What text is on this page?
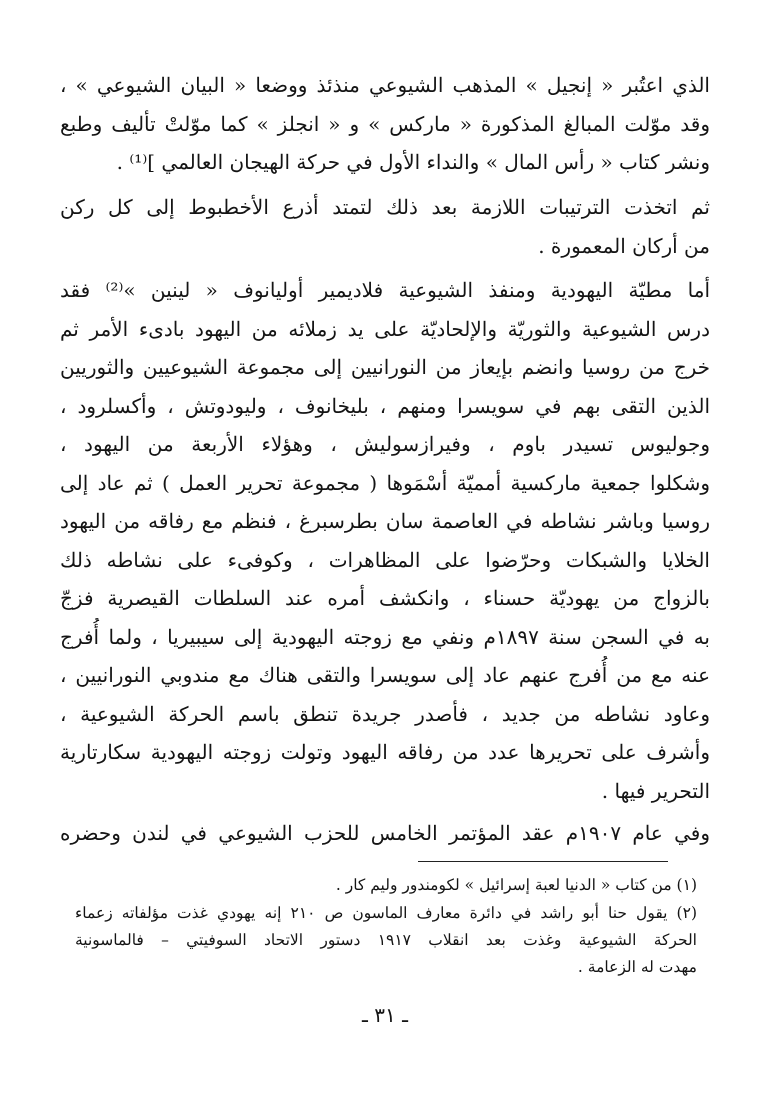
الذي اعتُبر « إنجيل » المذهب الشيوعي منذئذ ووضعا « البيان الشيوعي » ،
وقد موّلت المبالغ المذكورة « ماركس » و « انجلز » كما موّلتْ تأليف وطبع
ونشر كتاب « رأس المال » والنداء الأول في حركة الهيجان العالمي ]⁽¹⁾ .
ثم اتخذت الترتيبات اللازمة بعد ذلك لتمتد أذرع الأخطبوط إلى كل ركن
من أركان المعمورة .
أما مطيّة اليهودية ومنفذ الشيوعية فلاديمير أوليانوف « لينين »⁽²⁾ فقد
درس الشيوعية والثوريّة والإلحاديّة على يد زملائه من اليهود بادىء الأمر ثم
خرج من روسيا وانضم بإيعاز من النورانيين إلى مجموعة الشيوعيين والثوريين
الذين التقى بهم في سويسرا ومنهم ، بليخانوف ، وليودوتش ، وأكسلرود ،
وجوليوس تسيدر باوم ، وفيرازسوليش ، وهؤلاء الأربعة من اليهود ،
وشكلوا جمعية ماركسية أمميّة أسْمَوها ( مجموعة تحرير العمل ) ثم عاد إلى
روسيا وباشر نشاطه في العاصمة سان بطرسبرغ ، فنظم مع رفاقه من اليهود
الخلايا والشبكات وحرّضوا على المظاهرات ، وكوفىء على نشاطه ذلك
بالزواج من يهوديّة حسناء ، وانكشف أمره عند السلطات القيصرية فزجّ
به في السجن سنة ١٨٩٧م ونفي مع زوجته اليهودية إلى سيبيريا ، ولما أُفرج
عنه مع من أُفرج عنهم عاد إلى سويسرا والتقى هناك مع مندوبي النورانيين ،
وعاود نشاطه من جديد ، فأصدر جريدة تنطق باسم الحركة الشيوعية ،
وأشرف على تحريرها عدد من رفاقه اليهود وتولت زوجته اليهودية سكارتارية
التحرير فيها .
وفي عام ١٩٠٧م عقد المؤتمر الخامس للحزب الشيوعي في لندن وحضره
(١) من كتاب « الدنيا لعبة إسرائيل » لكومندور وليم كار .
(٢) يقول حنا أبو راشد في دائرة معارف الماسون ص ٢١٠ إنه يهودي غذت مؤلفاته زعماء
الحركة الشيوعية وغذت بعد انقلاب ١٩١٧ دستور الاتحاد السوفيتي – فالماسونية
مهدت له الزعامة .
ـ ٣١ ـ
